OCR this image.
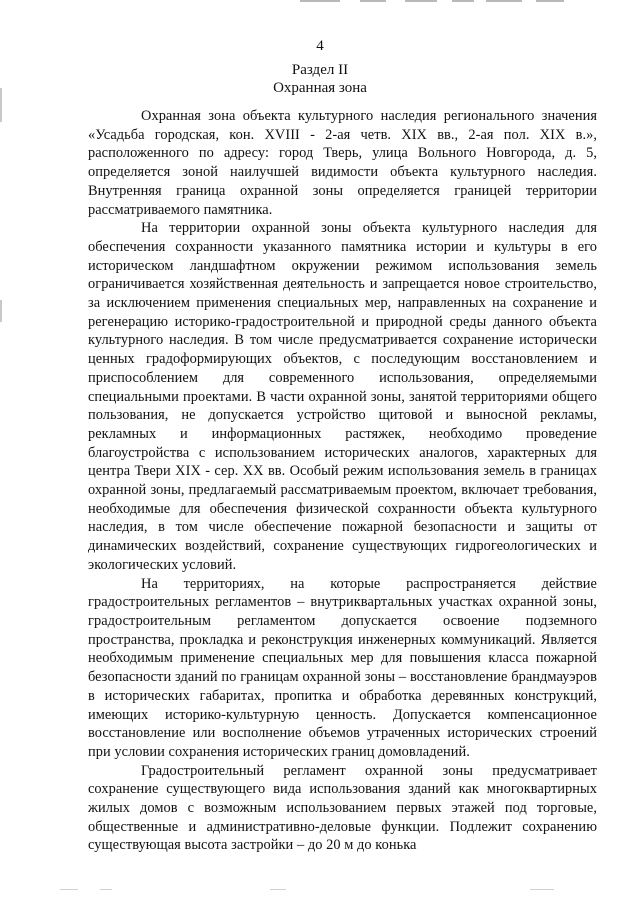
4
Раздел II
Охранная зона

Охранная зона объекта культурного наследия регионального значения «Усадьба городская, кон. XVIII - 2-ая четв. XIX вв., 2-ая пол. XIX в.», расположенного по адресу: город Тверь, улица Вольного Новгорода, д. 5, определяется зоной наилучшей видимости объекта культурного наследия. Внутренняя граница охранной зоны определяется границей территории рассматриваемого памятника.

На территории охранной зоны объекта культурного наследия для обеспечения сохранности указанного памятника истории и культуры в его историческом ландшафтном окружении режимом использования земель ограничивается хозяйственная деятельность и запрещается новое строительство, за исключением применения специальных мер, направленных на сохранение и регенерацию историко-градостроительной и природной среды данного объекта культурного наследия. В том числе предусматривается сохранение исторически ценных градоформирующих объектов, с последующим восстановлением и приспособлением для современного использования, определяемыми специальными проектами. В части охранной зоны, занятой территориями общего пользования, не допускается устройство щитовой и выносной рекламы, рекламных и информационных растяжек, необходимо проведение благоустройства с использованием исторических аналогов, характерных для центра Твери XIX - сер. XX вв. Особый режим использования земель в границах охранной зоны, предлагаемый рассматриваемым проектом, включает требования, необходимые для обеспечения физической сохранности объекта культурного наследия, в том числе обеспечение пожарной безопасности и защиты от динамических воздействий, сохранение существующих гидрогеологических и экологических условий.

На территориях, на которые распространяется действие градостроительных регламентов – внутриквартальных участках охранной зоны, градостроительным регламентом допускается освоение подземного пространства, прокладка и реконструкция инженерных коммуникаций. Является необходимым применение специальных мер для повышения класса пожарной безопасности зданий по границам охранной зоны – восстановление брандмауэров в исторических габаритах, пропитка и обработка деревянных конструкций, имеющих историко-культурную ценность. Допускается компенсационное восстановление или восполнение объемов утраченных исторических строений при условии сохранения исторических границ домовладений.

Градостроительный регламент охранной зоны предусматривает сохранение существующего вида использования зданий как многоквартирных жилых домов с возможным использованием первых этажей под торговые, общественные и административно-деловые функции. Подлежит сохранению существующая высота застройки – до 20 м до конька
